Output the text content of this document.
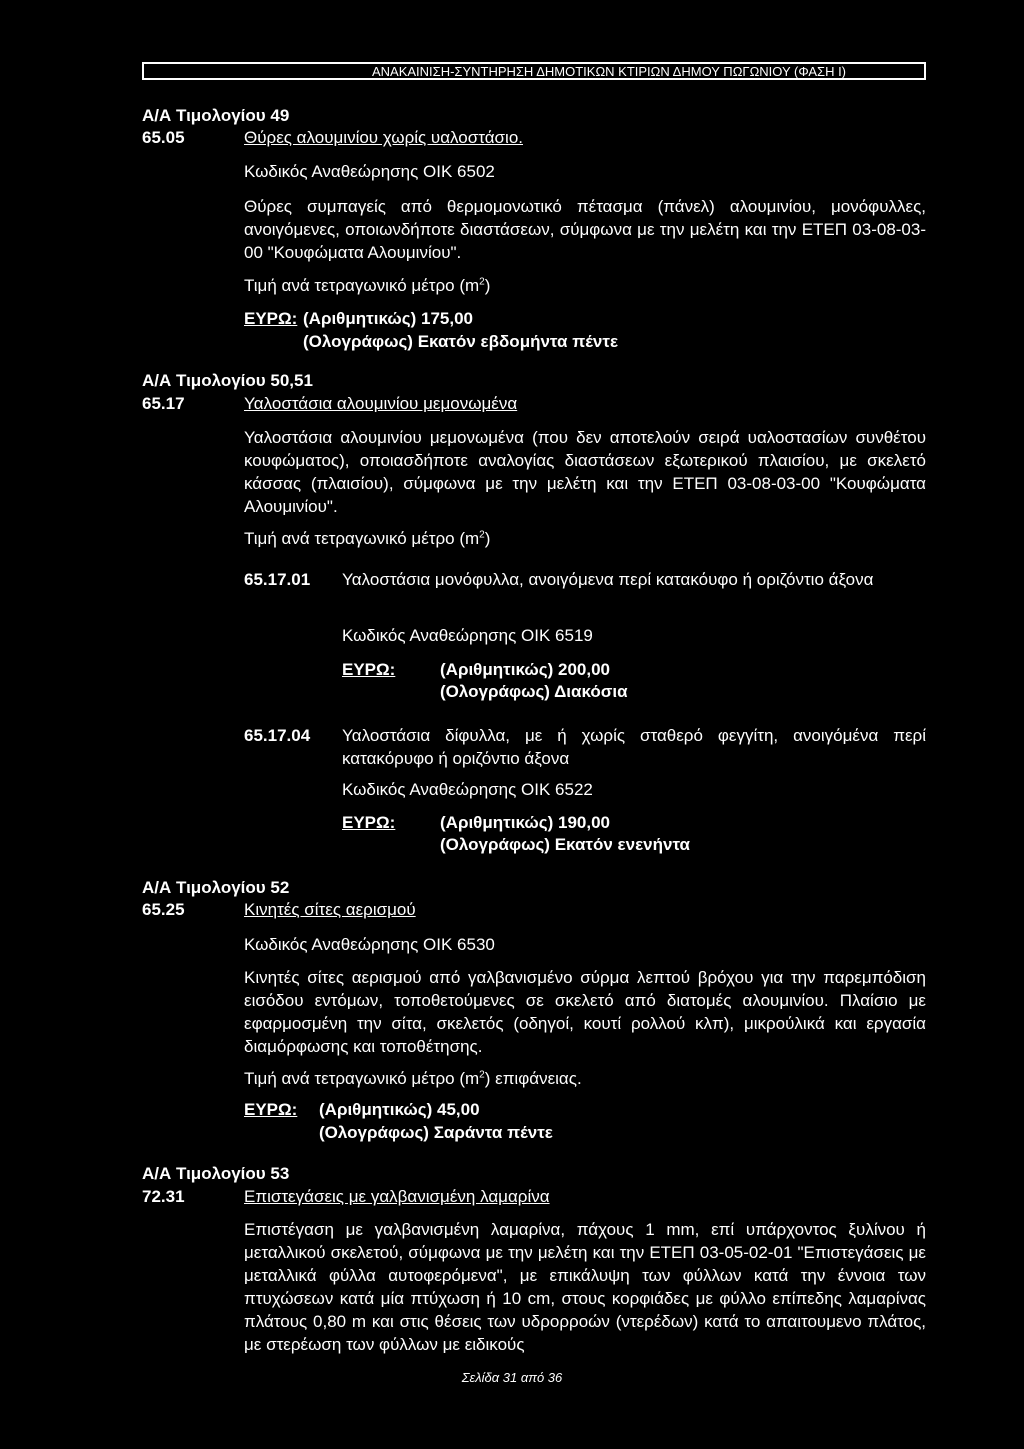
ΑΝΑΚΑΙΝΙΣΗ-ΣΥΝΤΗΡΗΣΗ ΔΗΜΟΤΙΚΩΝ ΚΤΙΡΙΩΝ ΔΗΜΟΥ ΠΩΓΩΝΙΟΥ (ΦΑΣΗ Ι)
Α/Α Τιμολογίου 49
65.05	Θύρες αλουμινίου χωρίς υαλοστάσιο.
Κωδικός Αναθεώρησης ΟΙΚ 6502
Θύρες συμπαγείς από θερμομονωτικό πέτασμα (πάνελ) αλουμινίου, μονόφυλλες, ανοιγόμενες, οποιωνδήποτε διαστάσεων, σύμφωνα με την μελέτη και την ΕΤΕΠ 03-08-03-00 "Κουφώματα Αλουμινίου".
Τιμή ανά τετραγωνικό μέτρο $(m^2)$
ΕΥΡΩ: (Αριθμητικώς) 175,00
(Ολογράφως) Εκατόν εβδομήντα πέντε
Α/Α Τιμολογίου 50,51
65.17	Υαλοστάσια αλουμινίου μεμονωμένα
Υαλοστάσια αλουμινίου μεμονωμένα (που δεν αποτελούν σειρά υαλοστασίων συνθέτου κουφώματος), οποιασδήποτε αναλογίας διαστάσεων εξωτερικού πλαισίου, με σκελετό κάσσας (πλαισίου), σύμφωνα με την μελέτη και την ΕΤΕΠ 03-08-03-00 "Κουφώματα Αλουμινίου".
Τιμή ανά τετραγωνικό μέτρο $(m^2)$
65.17.01 Υαλοστάσια μονόφυλλα, ανοιγόμενα περί κατακόυφο ή οριζόντιο άξονα
Κωδικός Αναθεώρησης ΟΙΚ 6519
ΕΥΡΩ:	(Αριθμητικώς) 200,00
(Ολογράφως) Διακόσια
65.17.04 Υαλοστάσια δίφυλλα, με ή χωρίς σταθερό φεγγίτη, ανοιγόμένα περί κατακόρυφο ή οριζόντιο άξονα
Κωδικός Αναθεώρησης ΟΙΚ 6522
ΕΥΡΩ:	(Αριθμητικώς) 190,00
(Ολογράφως) Εκατόν ενενήντα
Α/Α Τιμολογίου 52
65.25	Κινητές σίτες αερισμού
Κωδικός Αναθεώρησης ΟΙΚ 6530
Κινητές σίτες αερισμού από γαλβανισμένο σύρμα λεπτού βρόχου για την παρεμπόδιση εισόδου εντόμων, τοποθετούμενες σε σκελετό από διατομές αλουμινίου. Πλαίσιο με εφαρμοσμένη την σίτα, σκελετός (οδηγοί, κουτί ρολλού κλπ), μικρούλικά και εργασία διαμόρφωσης και τοποθέτησης.
Τιμή ανά τετραγωνικό μέτρο $(m^2)$ επιφάνειας.
ΕΥΡΩ: (Αριθμητικώς) 45,00
(Ολογράφως) Σαράντα πέντε
Α/Α Τιμολογίου 53
72.31	Επιστεγάσεις με γαλβανισμένη λαμαρίνα
Επιστέγαση με γαλβανισμένη λαμαρίνα, πάχους 1 mm, επί υπάρχοντος ξυλίνου ή μεταλλικού σκελετού, σύμφωνα με την μελέτη και την ΕΤΕΠ 03-05-02-01 "Επιστεγάσεις με μεταλλικά φύλλα αυτοφερόμενα", με επικάλυψη των φύλλων κατά την έννοια των πτυχώσεων κατά μία πτύχωση ή 10 cm, στους κορφιάδες με φύλλο επίπεδης λαμαρίνας πλάτους 0,80 m και στις θέσεις των υδρορροών (ντερέδων) κατά το απαιτουμενο πλάτος, με στερέωση των φύλλων με ειδικούς
Σελίδα 31 από 36
